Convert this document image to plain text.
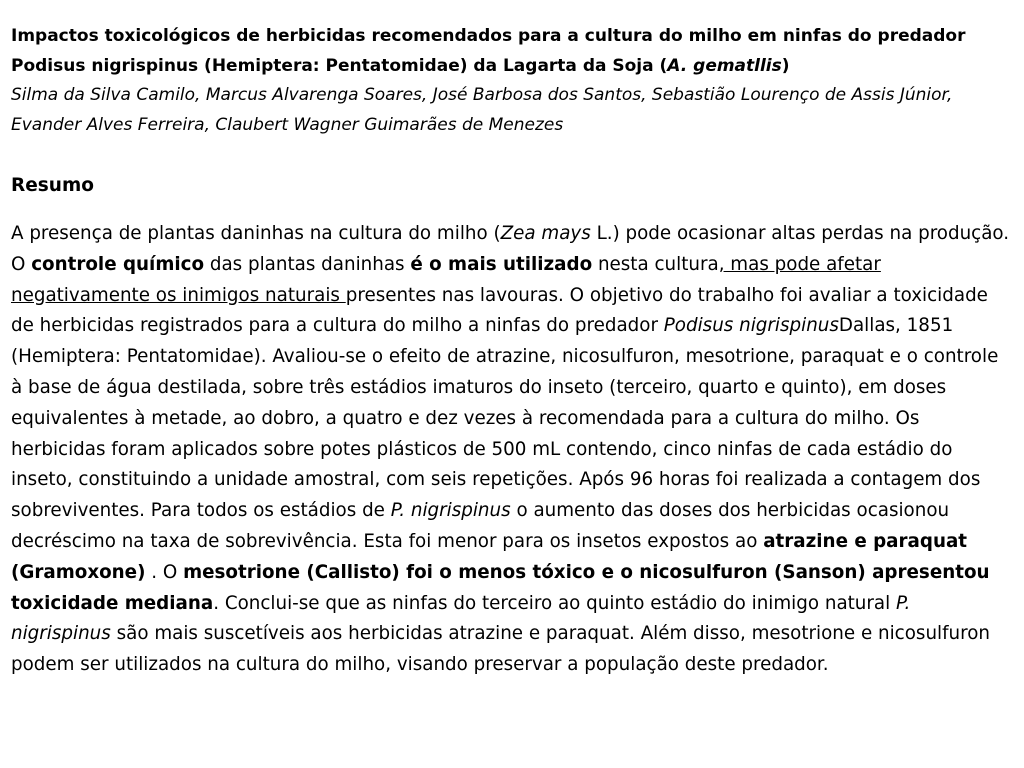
Impactos toxicológicos de herbicidas recomendados para a cultura do milho em ninfas do predador Podisus nigrispinus (Hemiptera: Pentatomidae) da Lagarta da Soja (A. gematllis)
Silma da Silva Camilo, Marcus Alvarenga Soares, José Barbosa dos Santos, Sebastião Lourenço de Assis Júnior, Evander Alves Ferreira, Claubert Wagner Guimarães de Menezes
Resumo
A presença de plantas daninhas na cultura do milho (Zea mays L.) pode ocasionar altas perdas na produção. O controle químico das plantas daninhas é o mais utilizado nesta cultura, mas pode afetar negativamente os inimigos naturais presentes nas lavouras. O objetivo do trabalho foi avaliar a toxicidade de herbicidas registrados para a cultura do milho a ninfas do predador Podisus nigrispinusDallas, 1851 (Hemiptera: Pentatomidae). Avaliou-se o efeito de atrazine, nicosulfuron, mesotrione, paraquat e o controle à base de água destilada, sobre três estádios imaturos do inseto (terceiro, quarto e quinto), em doses equivalentes à metade, ao dobro, a quatro e dez vezes à recomendada para a cultura do milho. Os herbicidas foram aplicados sobre potes plásticos de 500 mL contendo, cinco ninfas de cada estádio do inseto, constituindo a unidade amostral, com seis repetições. Após 96 horas foi realizada a contagem dos sobreviventes. Para todos os estádios de P. nigrispinus o aumento das doses dos herbicidas ocasionou decréscimo na taxa de sobrevivência. Esta foi menor para os insetos expostos ao atrazine e paraquat (Gramoxone) . O mesotrione (Callisto) foi o menos tóxico e o nicosulfuron (Sanson) apresentou toxicidade mediana. Conclui-se que as ninfas do terceiro ao quinto estádio do inimigo natural P. nigrispinus são mais suscetíveis aos herbicidas atrazine e paraquat. Além disso, mesotrione e nicosulfuron podem ser utilizados na cultura do milho, visando preservar a população deste predador.
